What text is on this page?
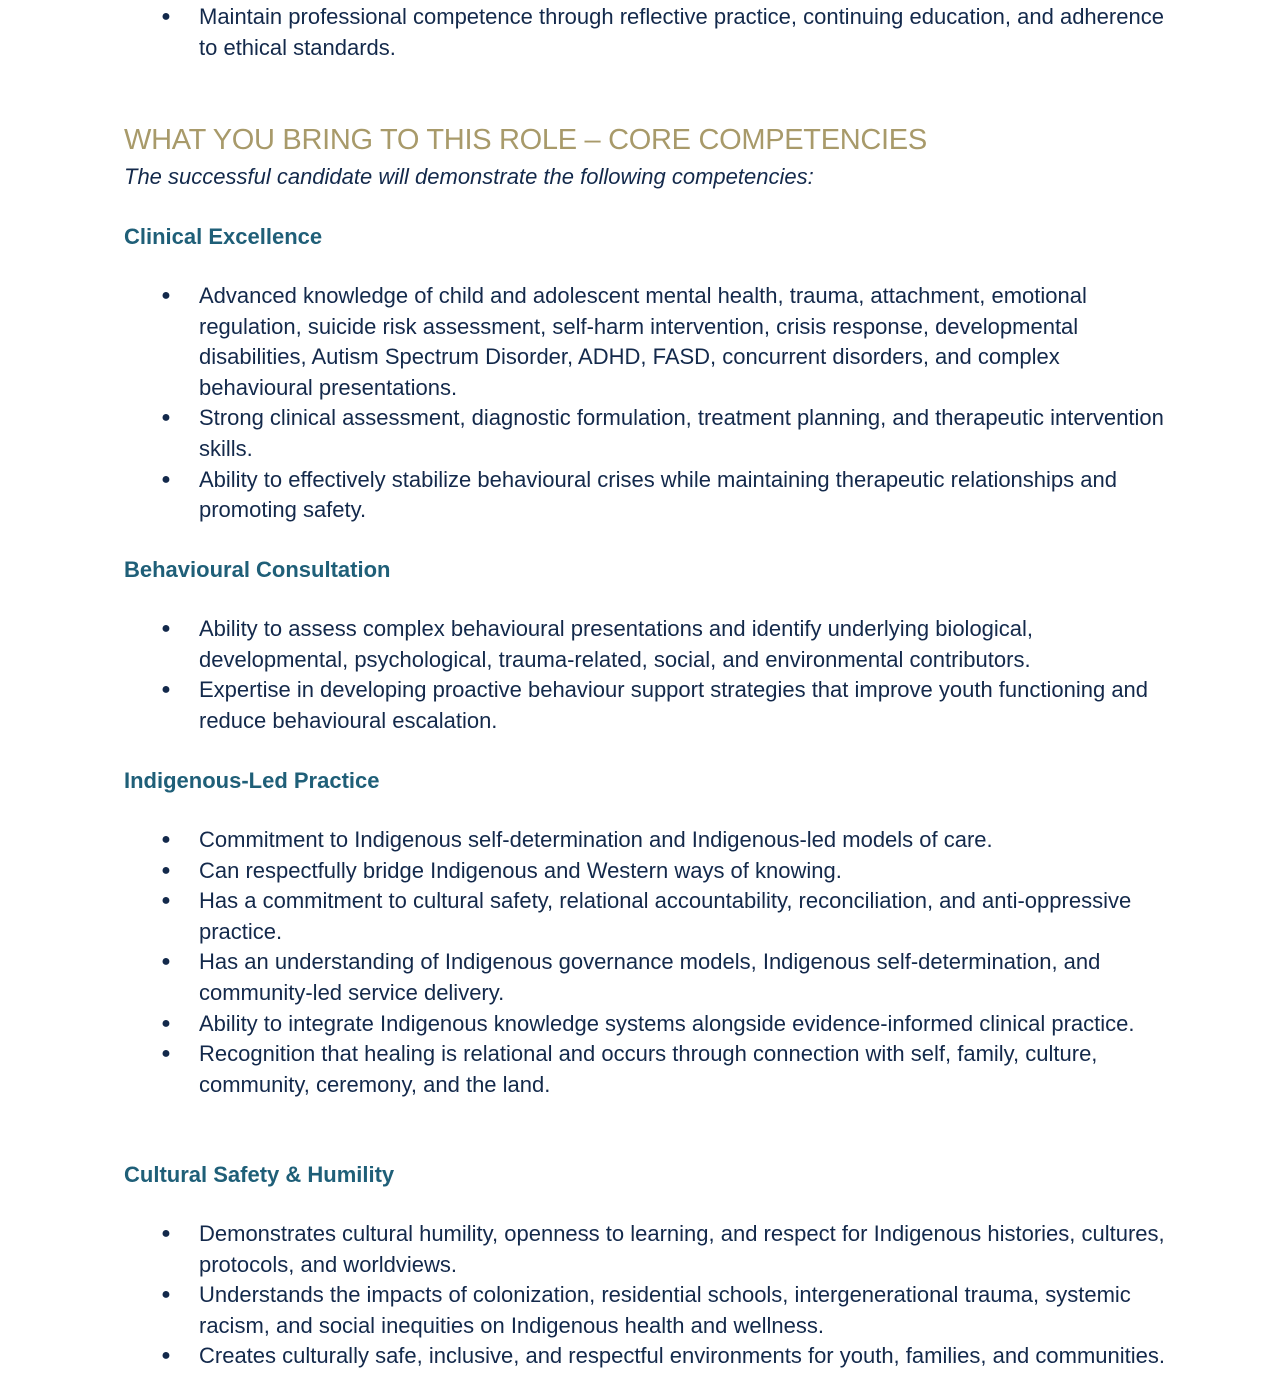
● Maintain professional competence through reflective practice, continuing education, and adherence to ethical standards.
WHAT YOU BRING TO THIS ROLE – CORE COMPETENCIES
The successful candidate will demonstrate the following competencies:
Clinical Excellence
● Advanced knowledge of child and adolescent mental health, trauma, attachment, emotional regulation, suicide risk assessment, self-harm intervention, crisis response, developmental disabilities, Autism Spectrum Disorder, ADHD, FASD, concurrent disorders, and complex behavioural presentations.
● Strong clinical assessment, diagnostic formulation, treatment planning, and therapeutic intervention skills.
● Ability to effectively stabilize behavioural crises while maintaining therapeutic relationships and promoting safety.
Behavioural Consultation
● Ability to assess complex behavioural presentations and identify underlying biological, developmental, psychological, trauma-related, social, and environmental contributors.
● Expertise in developing proactive behaviour support strategies that improve youth functioning and reduce behavioural escalation.
Indigenous-Led Practice
● Commitment to Indigenous self-determination and Indigenous-led models of care.
● Can respectfully bridge Indigenous and Western ways of knowing.
● Has a commitment to cultural safety, relational accountability, reconciliation, and anti-oppressive practice.
● Has an understanding of Indigenous governance models, Indigenous self-determination, and community-led service delivery.
● Ability to integrate Indigenous knowledge systems alongside evidence-informed clinical practice.
● Recognition that healing is relational and occurs through connection with self, family, culture, community, ceremony, and the land.
Cultural Safety & Humility
● Demonstrates cultural humility, openness to learning, and respect for Indigenous histories, cultures, protocols, and worldviews.
● Understands the impacts of colonization, residential schools, intergenerational trauma, systemic racism, and social inequities on Indigenous health and wellness.
● Creates culturally safe, inclusive, and respectful environments for youth, families, and communities.
